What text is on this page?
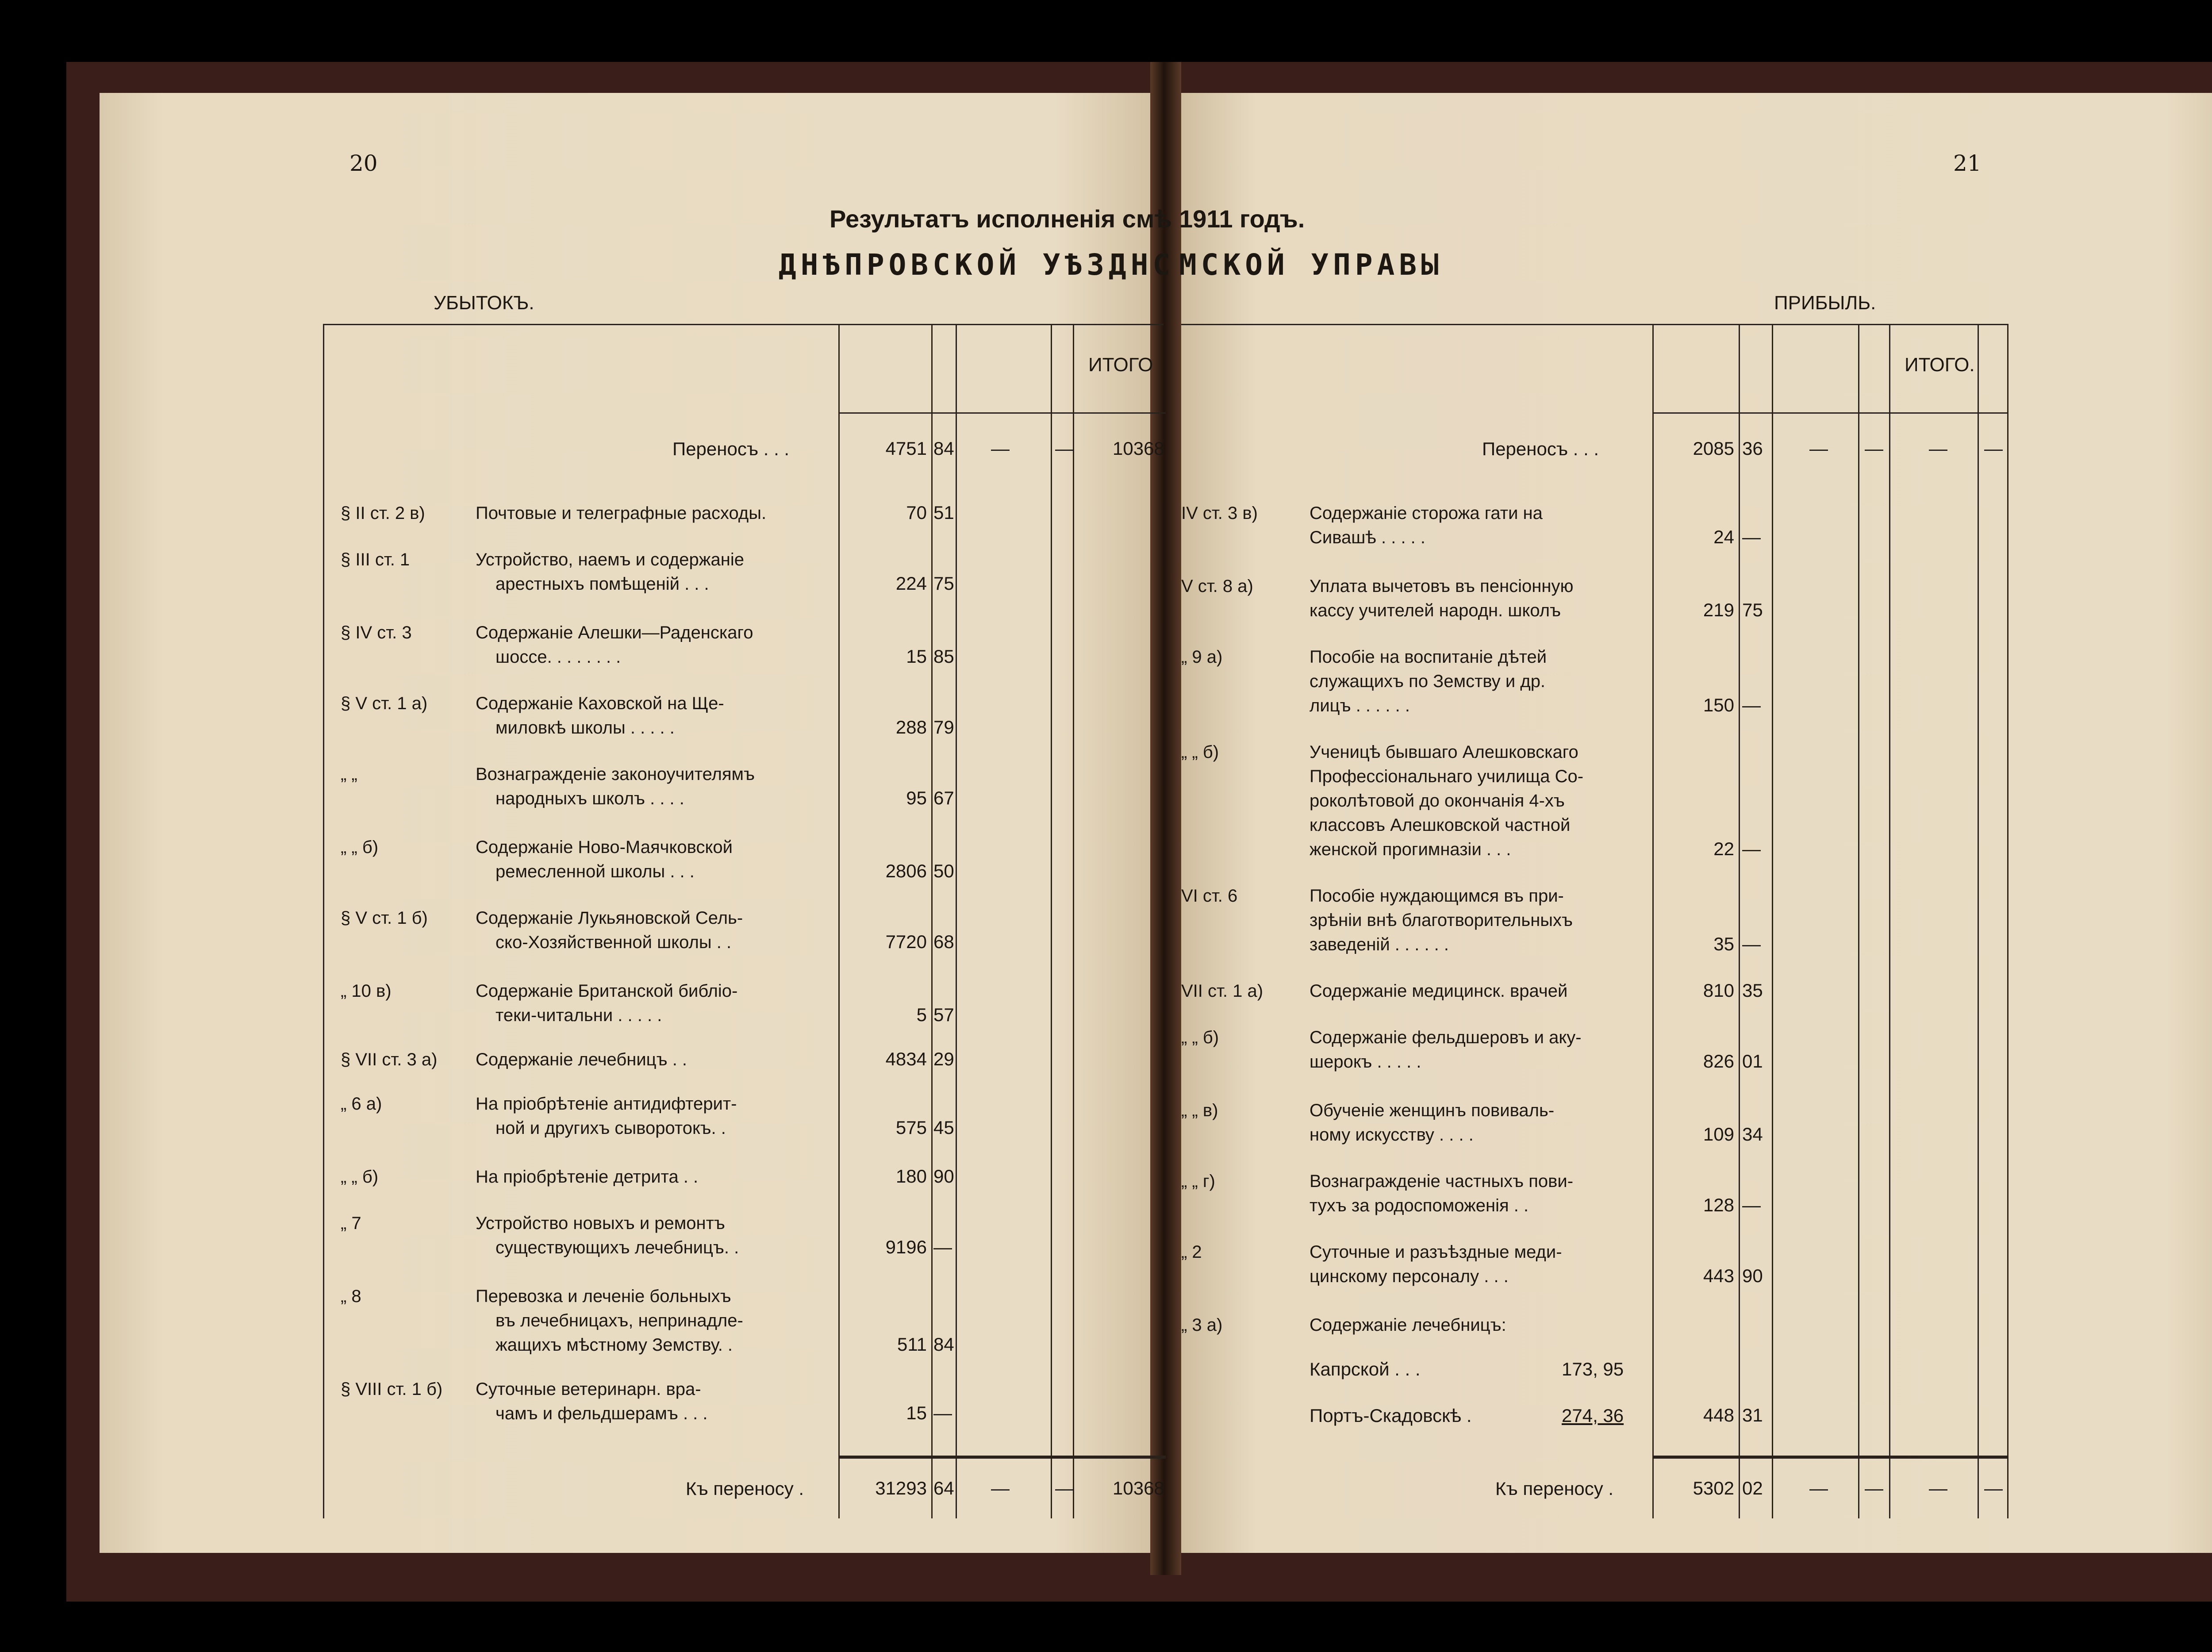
20	21
Результатъ исполненія смѣ 1911 годъ.
ДНѢПРОВСКОЙ УѢЗДНС МСКОЙ УПРАВЫ
УБЫТОКЪ.	ПРИБЫЛЬ.
ИТОГО	ИТОГО.
Переносъ . . .	4751 84 — — 10368
§ II ст. 2 в)	Почтовые и телеграфные расходы.	70 51
§ III ст. 1	Устройство, наемъ и содержаніе
арестныхъ помѣщеній . . .	224 75
§ IV ст. 3	Содержаніе Алешки—Раденскаго
шоссе. . . . . . . .	15 85
§ V ст. 1 а)	Содержаніе Каховской на Ще-
миловкѣ школы . . . . .	288 79
„ „	Вознагражденіе законоучителямъ
народныхъ школъ . . . .	95 67
„ „ б)	Содержаніе Ново-Маячковской
ремесленной школы . . .	2806 50
§ V ст. 1 б)	Содержаніе Лукьяновской Сель-
ско-Хозяйственной школы . .	7720 68
„ 10 в)	Содержаніе Британской библіо-
теки-читальни . . . . .	5 57
§ VII ст. 3 а) Содержаніе лечебницъ . .	4834 29
„ 6 а)	На пріобрѣтеніе антидифтерит-
ной и другихъ сыворотокъ. .	575 45
„ „ б)	На пріобрѣтеніе детрита . .	180 90
„ 7	Устройство новыхъ и ремонтъ
существующихъ лечебницъ. .	9196 —
„ 8	Перевозка и леченіе больныхъ
въ лечебницахъ, непринадле-
жащихъ мѣстному Земству. .	511 84
§ VIII ст. 1 б) Суточные ветеринарн. вра-
чамъ и фельдшерамъ . . .	15 —
Къ переносу .	31293 64 — — 10368
Переносъ . . .	2085 36	— — — —
IV ст. 3 в)	Содержаніе сторожа гати на
Сивашѣ . . . . .	24 —
V ст. 8 а)	Уплата вычетовъ въ пенсіонную
кассу учителей народн. школъ	219 75
„ 9 а)	Пособіе на воспитаніе дѣтей
служащихъ по Земству и др.
лицъ . . . . . .	150 —
„ „ б)	Ученицѣ бывшаго Алешковскаго
Профессіональнаго училища Со-
роколѣтовой до окончанія 4-хъ
классовъ Алешковской частной
женской прогимназіи . . .	22 —
VI ст. 6	Пособіе нуждающимся въ при-
зрѣніи внѣ благотворительныхъ
заведеній . . . . . .	35 —
VII ст. 1 а)	Содержаніе медицинск. врачей	810 35
„ „ б)	Содержаніе фельдшеровъ и аку-
шерокъ . . . . .	826 01
„ „ в)	Обученіе женщинъ повиваль-
ному искусству . . . .	109 34
„ „ г)	Вознагражденіе частныхъ пови-
тухъ за родоспоможенія . .	128 —
„ 2	Суточные и разъѣздные меди-
цинскому персоналу . . .	443 90
„ 3 а)	Содержаніе лечебницъ:
Капрской . . .	173, 95
Портъ-Скадовскѣ .	274, 36	448 31
Къ переносу .	5302 02	— — — —
